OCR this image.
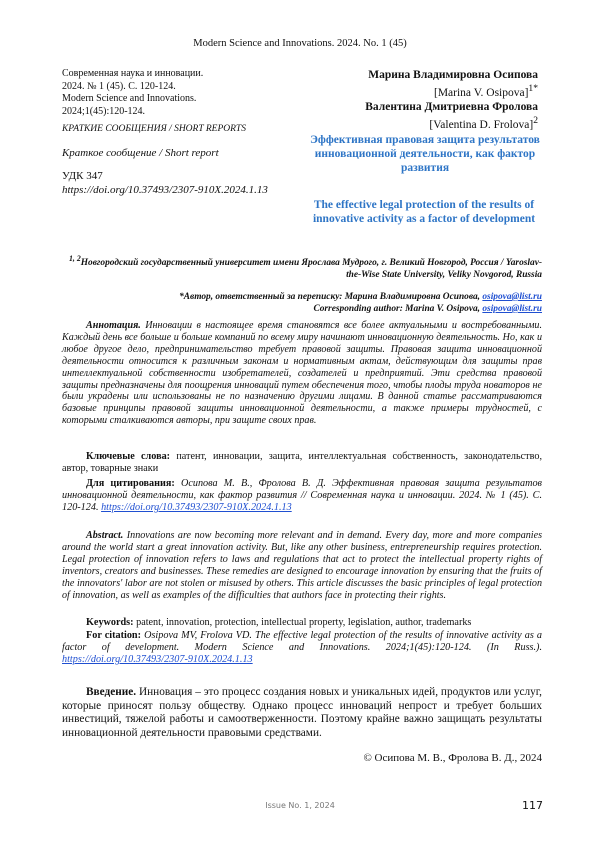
Modern Science and Innovations. 2024. No. 1 (45)
Современная наука и инновации.
2024. № 1 (45). С. 120-124.
Modern Science and Innovations.
2024;1(45):120-124.
Марина Владимировна Осипова
[Marina V. Osipova]$^{1*}$
Валентина Дмитриевна Фролова
[Valentina D. Frolova]$^2$
КРАТКИЕ СООБЩЕНИЯ / SHORT REPORTS
Краткое сообщение / Short report
УДК 347
https://doi.org/10.37493/2307-910X.2024.1.13
Эффективная правовая защита результатов инновационной деятельности, как фактор развития
The effective legal protection of the results of innovative activity as a factor of development
$^{1, 2}$Новгородский государственный университет имени Ярослава Мудрого, г. Великий Новгород, Россия / Yaroslav-the-Wise State University, Veliky Novgorod, Russia
*Автор, ответственный за переписку: Марина Владимировна Осипова, osipova@list.ru
Corresponding author: Marina V. Osipova, osipova@list.ru

Аннотация. Инновации в настоящее время становятся все более актуальными и востребованными. Каждый день все больше и больше компаний по всему миру начинают инновационную деятельность. Но, как и любое другое дело, предпринимательство требует правовой защиты. Правовая защита инновационной деятельности относится к различным законам и нормативным актам, действующим для защиты прав интеллектуальной собственности изобретателей, создателей и предприятий. Эти средства правовой защиты предназначены для поощрения инноваций путем обеспечения того, чтобы плоды труда новаторов не были украдены или использованы не по назначению другими лицами. В данной статье рассматриваются базовые принципы правовой защиты инновационной деятельности, а также примеры трудностей, с которыми сталкиваются авторы, при защите своих прав.

Ключевые слова: патент, инновации, защита, интеллектуальная собственность, законодательство, автор, товарные знаки

Для цитирования: Осипова М. В., Фролова В. Д. Эффективная правовая защита результатов инновационной деятельности, как фактор развития // Современная наука и инновации. 2024. № 1 (45). С. 120-124. https://doi.org/10.37493/2307-910X.2024.1.13

Abstract. Innovations are now becoming more relevant and in demand. Every day, more and more companies around the world start a great innovation activity. But, like any other business, entrepreneurship requires protection. Legal protection of innovation refers to laws and regulations that act to protect the intellectual property rights of inventors, creators and businesses. These remedies are designed to encourage innovation by ensuring that the fruits of the innovators' labor are not stolen or misused by others. This article discusses the basic principles of legal protection of innovation, as well as examples of the difficulties that authors face in protecting their rights.

Keywords: patent, innovation, protection, intellectual property, legislation, author, trademarks

For citation: Osipova MV, Frolova VD. The effective legal protection of the results of innovative activity as a factor of development. Modern Science and Innovations. 2024;1(45):120-124. (In Russ.). https://doi.org/10.37493/2307-910X.2024.1.13

Введение. Инновация – это процесс создания новых и уникальных идей, продуктов или услуг, которые приносят пользу обществу. Однако процесс инноваций непрост и требует больших инвестиций, тяжелой работы и самоотверженности. Поэтому крайне важно защищать результаты инновационной деятельности правовыми средствами.

© Осипова М. В., Фролова В. Д., 2024
Issue No. 1, 2024	117
